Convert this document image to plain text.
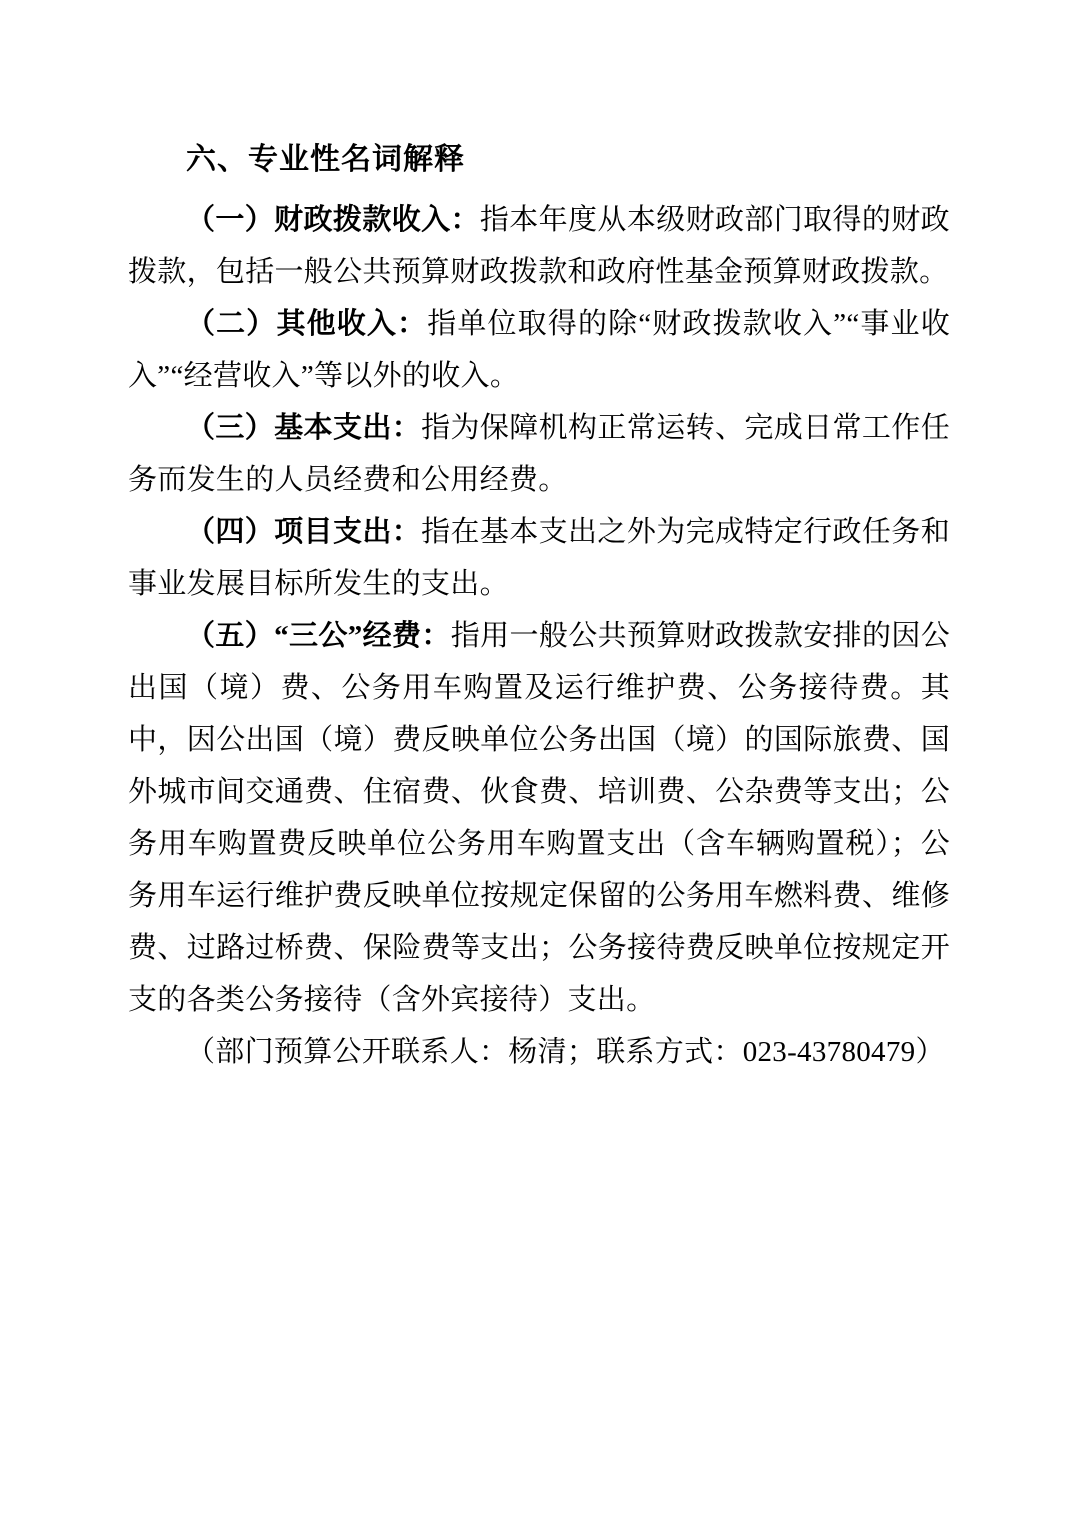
六、专业性名词解释

（一）财政拨款收入：指本年度从本级财政部门取得的财政拨款，包括一般公共预算财政拨款和政府性基金预算财政拨款。

（二）其他收入：指单位取得的除“财政拨款收入”“事业收入”“经营收入”等以外的收入。

（三）基本支出：指为保障机构正常运转、完成日常工作任务而发生的人员经费和公用经费。

（四）项目支出：指在基本支出之外为完成特定行政任务和事业发展目标所发生的支出。

（五）“三公”经费：指用一般公共预算财政拨款安排的因公出国（境）费、公务用车购置及运行维护费、公务接待费。其中，因公出国（境）费反映单位公务出国（境）的国际旅费、国外城市间交通费、住宿费、伙食费、培训费、公杂费等支出；公务用车购置费反映单位公务用车购置支出（含车辆购置税）；公务用车运行维护费反映单位按规定保留的公务用车燃料费、维修费、过路过桥费、保险费等支出；公务接待费反映单位按规定开支的各类公务接待（含外宾接待）支出。

（部门预算公开联系人：杨清；联系方式：023-43780479）
